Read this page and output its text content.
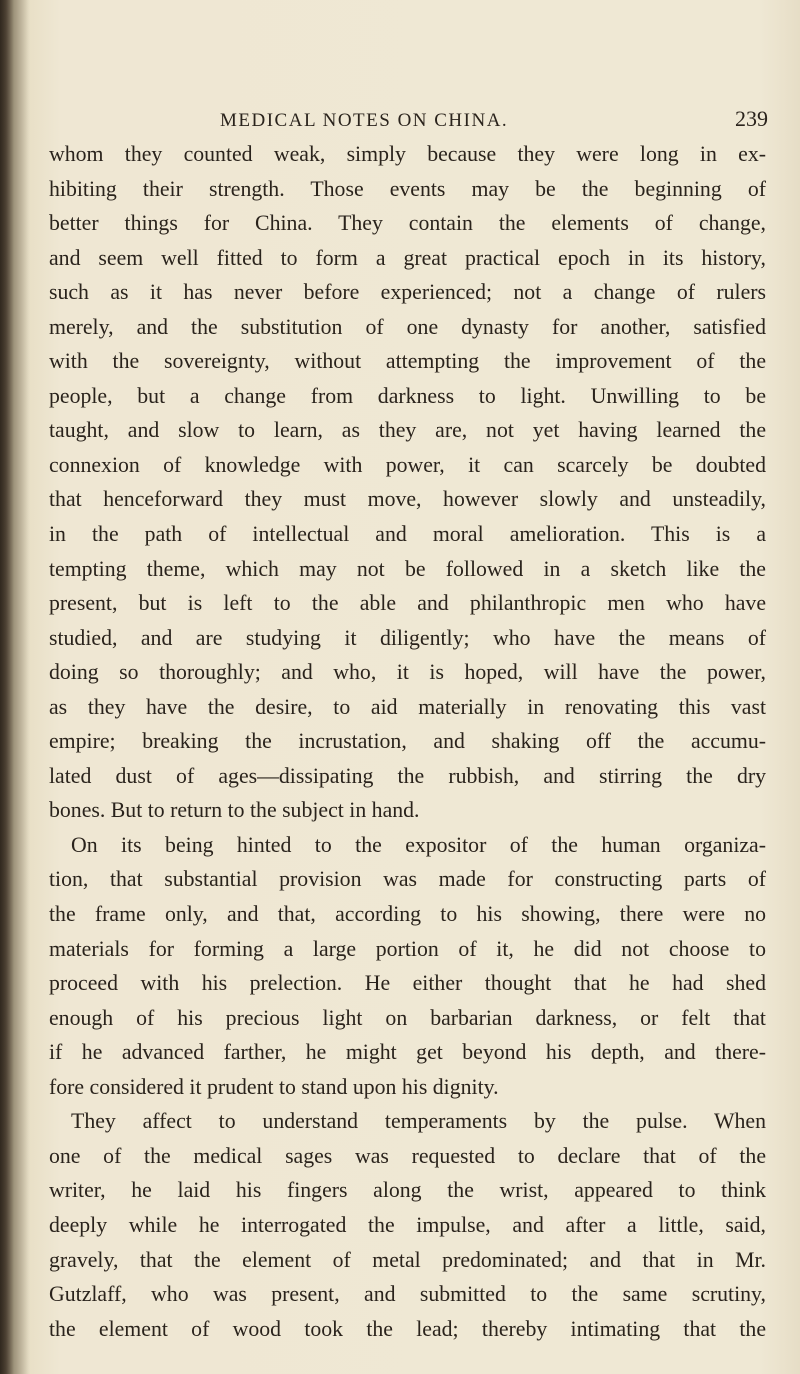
MEDICAL NOTES ON CHINA.	239
whom they counted weak, simply because they were long in ex-
hibiting their strength. Those events may be the beginning of
better things for China. They contain the elements of change,
and seem well fitted to form a great practical epoch in its history,
such as it has never before experienced; not a change of rulers
merely, and the substitution of one dynasty for another, satisfied
with the sovereignty, without attempting the improvement of the
people, but a change from darkness to light. Unwilling to be
taught, and slow to learn, as they are, not yet having learned the
connexion of knowledge with power, it can scarcely be doubted
that henceforward they must move, however slowly and unsteadily,
in the path of intellectual and moral amelioration. This is a
tempting theme, which may not be followed in a sketch like the
present, but is left to the able and philanthropic men who have
studied, and are studying it diligently; who have the means of
doing so thoroughly; and who, it is hoped, will have the power,
as they have the desire, to aid materially in renovating this vast
empire; breaking the incrustation, and shaking off the accumu-
lated dust of ages—dissipating the rubbish, and stirring the dry
bones. But to return to the subject in hand.
On its being hinted to the expositor of the human organiza-
tion, that substantial provision was made for constructing parts of
the frame only, and that, according to his showing, there were no
materials for forming a large portion of it, he did not choose to
proceed with his prelection. He either thought that he had shed
enough of his precious light on barbarian darkness, or felt that
if he advanced farther, he might get beyond his depth, and there-
fore considered it prudent to stand upon his dignity.
They affect to understand temperaments by the pulse. When
one of the medical sages was requested to declare that of the
writer, he laid his fingers along the wrist, appeared to think
deeply while he interrogated the impulse, and after a little, said,
gravely, that the element of metal predominated; and that in Mr.
Gutzlaff, who was present, and submitted to the same scrutiny,
the element of wood took the lead; thereby intimating that the
